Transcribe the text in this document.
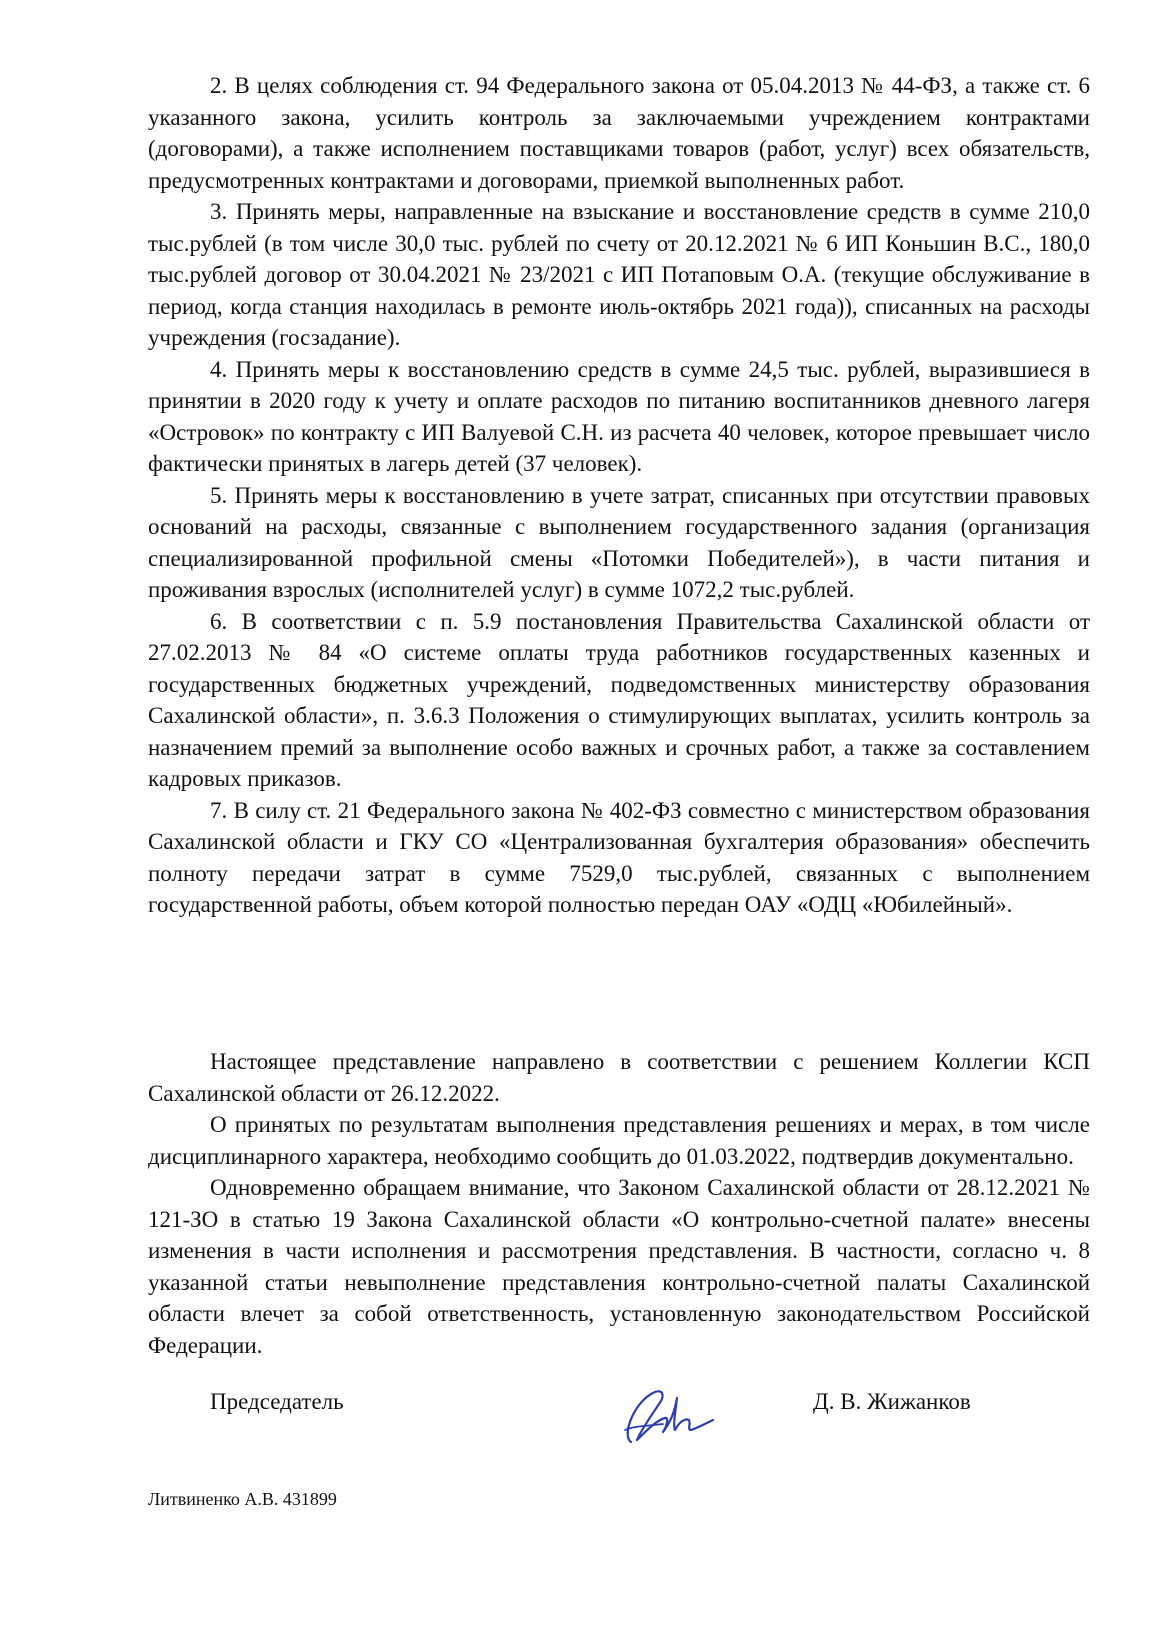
2. В целях соблюдения ст. 94 Федерального закона от 05.04.2013 № 44-ФЗ, а также ст. 6 указанного закона, усилить контроль за заключаемыми учреждением контрактами (договорами), а также исполнением поставщиками товаров (работ, услуг) всех обязательств, предусмотренных контрактами и договорами, приемкой выполненных работ.

3. Принять меры, направленные на взыскание и восстановление средств в сумме 210,0 тыс.рублей (в том числе 30,0 тыс. рублей по счету от 20.12.2021 № 6 ИП Коньшин В.С., 180,0 тыс.рублей договор от 30.04.2021 № 23/2021 с ИП Потаповым О.А. (текущие обслуживание в период, когда станция находилась в ремонте июль-октябрь 2021 года)), списанных на расходы учреждения (госзадание).

4. Принять меры к восстановлению средств в сумме 24,5 тыс. рублей, выразившиеся в принятии в 2020 году к учету и оплате расходов по питанию воспитанников дневного лагеря «Островок» по контракту с ИП Валуевой С.Н. из расчета 40 человек, которое превышает число фактически принятых в лагерь детей (37 человек).

5. Принять меры к восстановлению в учете затрат, списанных при отсутствии правовых оснований на расходы, связанные с выполнением государственного задания (организация специализированной профильной смены «Потомки Победителей»), в части питания и проживания взрослых (исполнителей услуг) в сумме 1072,2 тыс.рублей.

6. В соответствии с п. 5.9 постановления Правительства Сахалинской области от 27.02.2013 № 84 «О системе оплаты труда работников государственных казенных и государственных бюджетных учреждений, подведомственных министерству образования Сахалинской области», п. 3.6.3 Положения о стимулирующих выплатах, усилить контроль за назначением премий за выполнение особо важных и срочных работ, а также за составлением кадровых приказов.

7. В силу ст. 21 Федерального закона № 402-ФЗ совместно с министерством образования Сахалинской области и ГКУ СО «Централизованная бухгалтерия образования» обеспечить полноту передачи затрат в сумме 7529,0 тыс.рублей, связанных с выполнением государственной работы, объем которой полностью передан ОАУ «ОДЦ «Юбилейный».

Настоящее представление направлено в соответствии с решением Коллегии КСП Сахалинской области от 26.12.2022.

О принятых по результатам выполнения представления решениях и мерах, в том числе дисциплинарного характера, необходимо сообщить до 01.03.2022, подтвердив документально.

Одновременно обращаем внимание, что Законом Сахалинской области от 28.12.2021 № 121-ЗО в статью 19 Закона Сахалинской области «О контрольно-счетной палате» внесены изменения в части исполнения и рассмотрения представления. В частности, согласно ч. 8 указанной статьи невыполнение представления контрольно-счетной палаты Сахалинской области влечет за собой ответственность, установленную законодательством Российской Федерации.

Председатель	Д. В. Жижанков
Литвиненко А.В. 431899
